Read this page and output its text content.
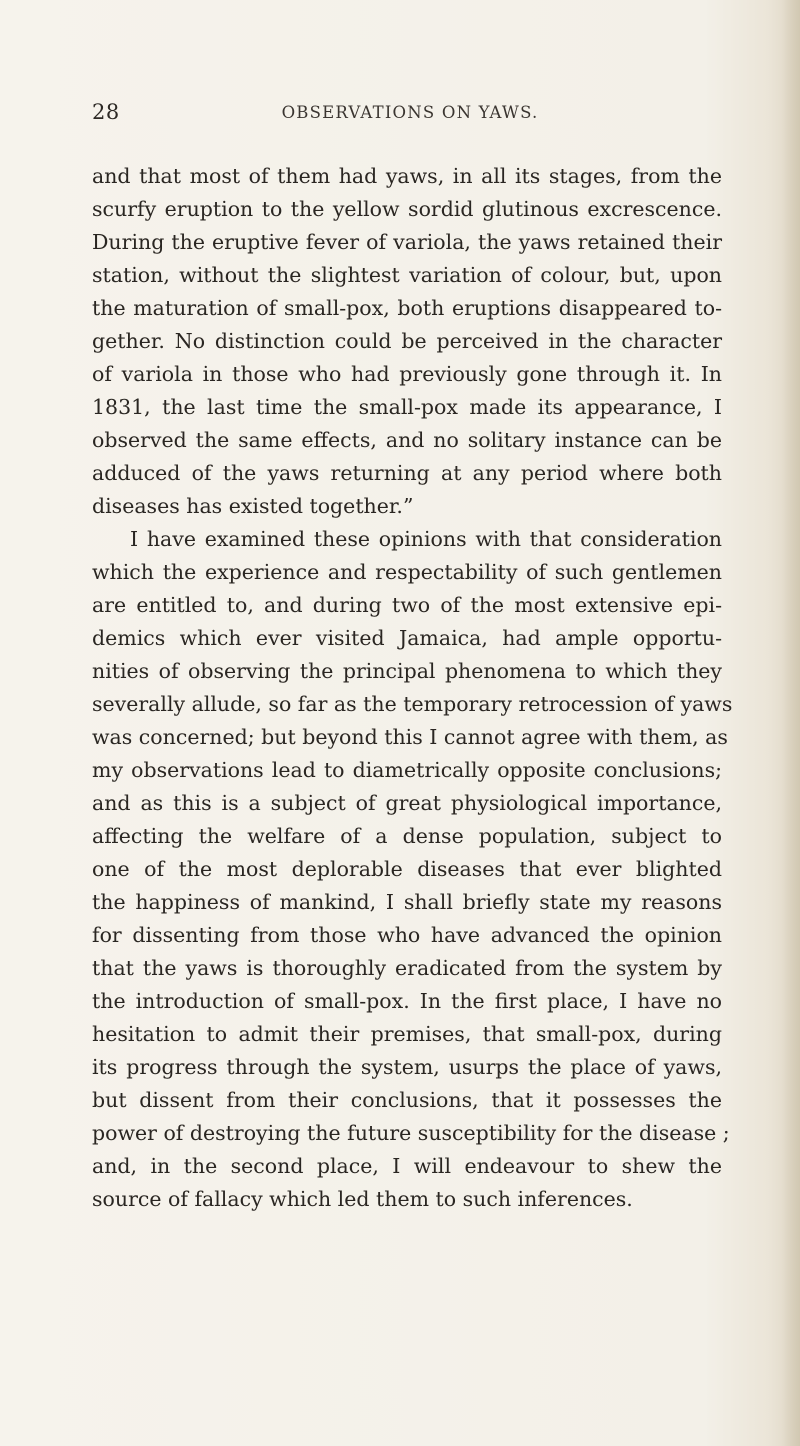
28	OBSERVATIONS ON YAWS.
and that most of them had yaws, in all its stages, from the
scurfy eruption to the yellow sordid glutinous excrescence.
During the eruptive fever of variola, the yaws retained their
station, without the slightest variation of colour, but, upon
the maturation of small-pox, both eruptions disappeared to-
gether. No distinction could be perceived in the character
of variola in those who had previously gone through it. In
1831, the last time the small-pox made its appearance, I
observed the same effects, and no solitary instance can be
adduced of the yaws returning at any period where both
diseases has existed together.”
I have examined these opinions with that consideration
which the experience and respectability of such gentlemen
are entitled to, and during two of the most extensive epi-
demics which ever visited Jamaica, had ample opportu-
nities of observing the principal phenomena to which they
severally allude, so far as the temporary retrocession of yaws
was concerned; but beyond this I cannot agree with them, as
my observations lead to diametrically opposite conclusions;
and as this is a subject of great physiological importance,
affecting the welfare of a dense population, subject to
one of the most deplorable diseases that ever blighted
the happiness of mankind, I shall briefly state my reasons
for dissenting from those who have advanced the opinion
that the yaws is thoroughly eradicated from the system by
the introduction of small-pox. In the first place, I have no
hesitation to admit their premises, that small-pox, during
its progress through the system, usurps the place of yaws,
but dissent from their conclusions, that it possesses the
power of destroying the future susceptibility for the disease ;
and, in the second place, I will endeavour to shew the
source of fallacy which led them to such inferences.
